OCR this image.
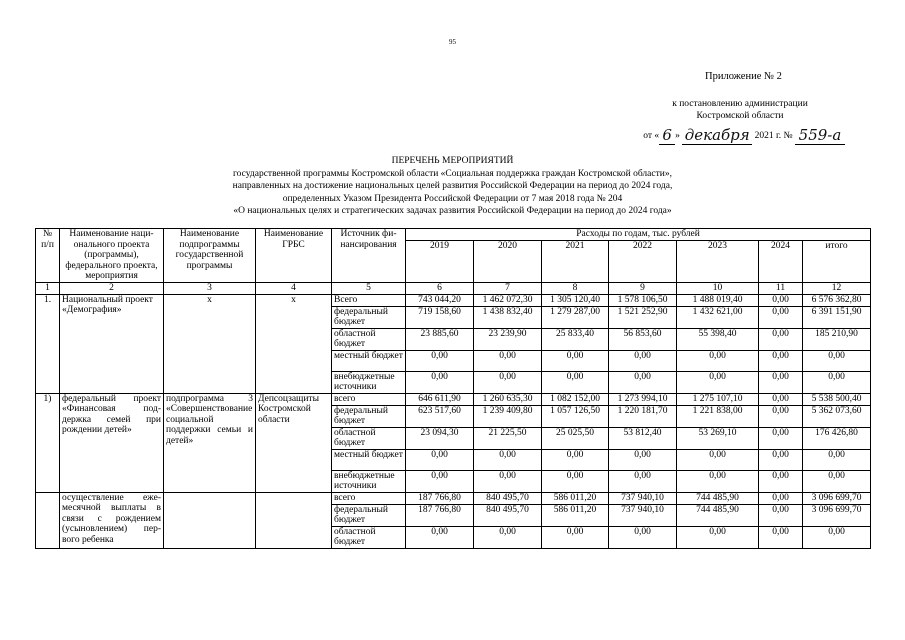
95
Приложение № 2
к постановлению администрации
Костромской области
от « 6 » декабря 2021 г. № 559-а
ПЕРЕЧЕНЬ МЕРОПРИЯТИЙ
государственной программы Костромской области «Социальная поддержка граждан Костромской области»,
направленных на достижение национальных целей развития Российской Федерации на период до 2024 года,
определенных Указом Президента Российской Федерации от 7 мая 2018 года № 204
«О национальных целях и стратегических задачах развития Российской Федерации на период до 2024 года»
№ п/п	Наименование национального проекта (программы), федерального проекта, мероприятия	Наименование подпрограммы государственной программы	Наименование ГРБС	Источник финансирования	Расходы по годам, тыс. рублей						
					2019	2020	2021	2022	2023	2024	итого
1	2	3	4	5	6	7	8	9	10	11	12
1.	Национальный проект «Демография»	х	х	Всего	743 044,20	1 462 072,30	1 305 120,40	1 578 106,50	1 488 019,40	0,00	6 576 362,80
				федеральный бюджет	719 158,60	1 438 832,40	1 279 287,00	1 521 252,90	1 432 621,00	0,00	6 391 151,90
				областной бюджет	23 885,60	23 239,90	25 833,40	56 853,60	55 398,40	0,00	185 210,90
				местный бюджет	0,00	0,00	0,00	0,00	0,00	0,00	0,00
				внебюджетные источники	0,00	0,00	0,00	0,00	0,00	0,00	0,00
1)	федеральный проект «Финансовая поддержка семей при рождении детей»	подпрограмма 3 «Совершенствование социальной поддержки семьи и детей»	Депсоцзащиты Костромской области	всего	646 611,90	1 260 635,30	1 082 152,00	1 273 994,10	1 275 107,10	0,00	5 538 500,40
				федеральный бюджет	623 517,60	1 239 409,80	1 057 126,50	1 220 181,70	1 221 838,00	0,00	5 362 073,60
				областной бюджет	23 094,30	21 225,50	25 025,50	53 812,40	53 269,10	0,00	176 426,80
				местный бюджет	0,00	0,00	0,00	0,00	0,00	0,00	0,00
				внебюджетные источники	0,00	0,00	0,00	0,00	0,00	0,00	0,00
	осуществление ежемесячной выплаты в связи с рождением (усыновлением) первого ребенка			всего	187 766,80	840 495,70	586 011,20	737 940,10	744 485,90	0,00	3 096 699,70
				федеральный бюджет	187 766,80	840 495,70	586 011,20	737 940,10	744 485,90	0,00	3 096 699,70
				областной бюджет	0,00	0,00	0,00	0,00	0,00	0,00	0,00
